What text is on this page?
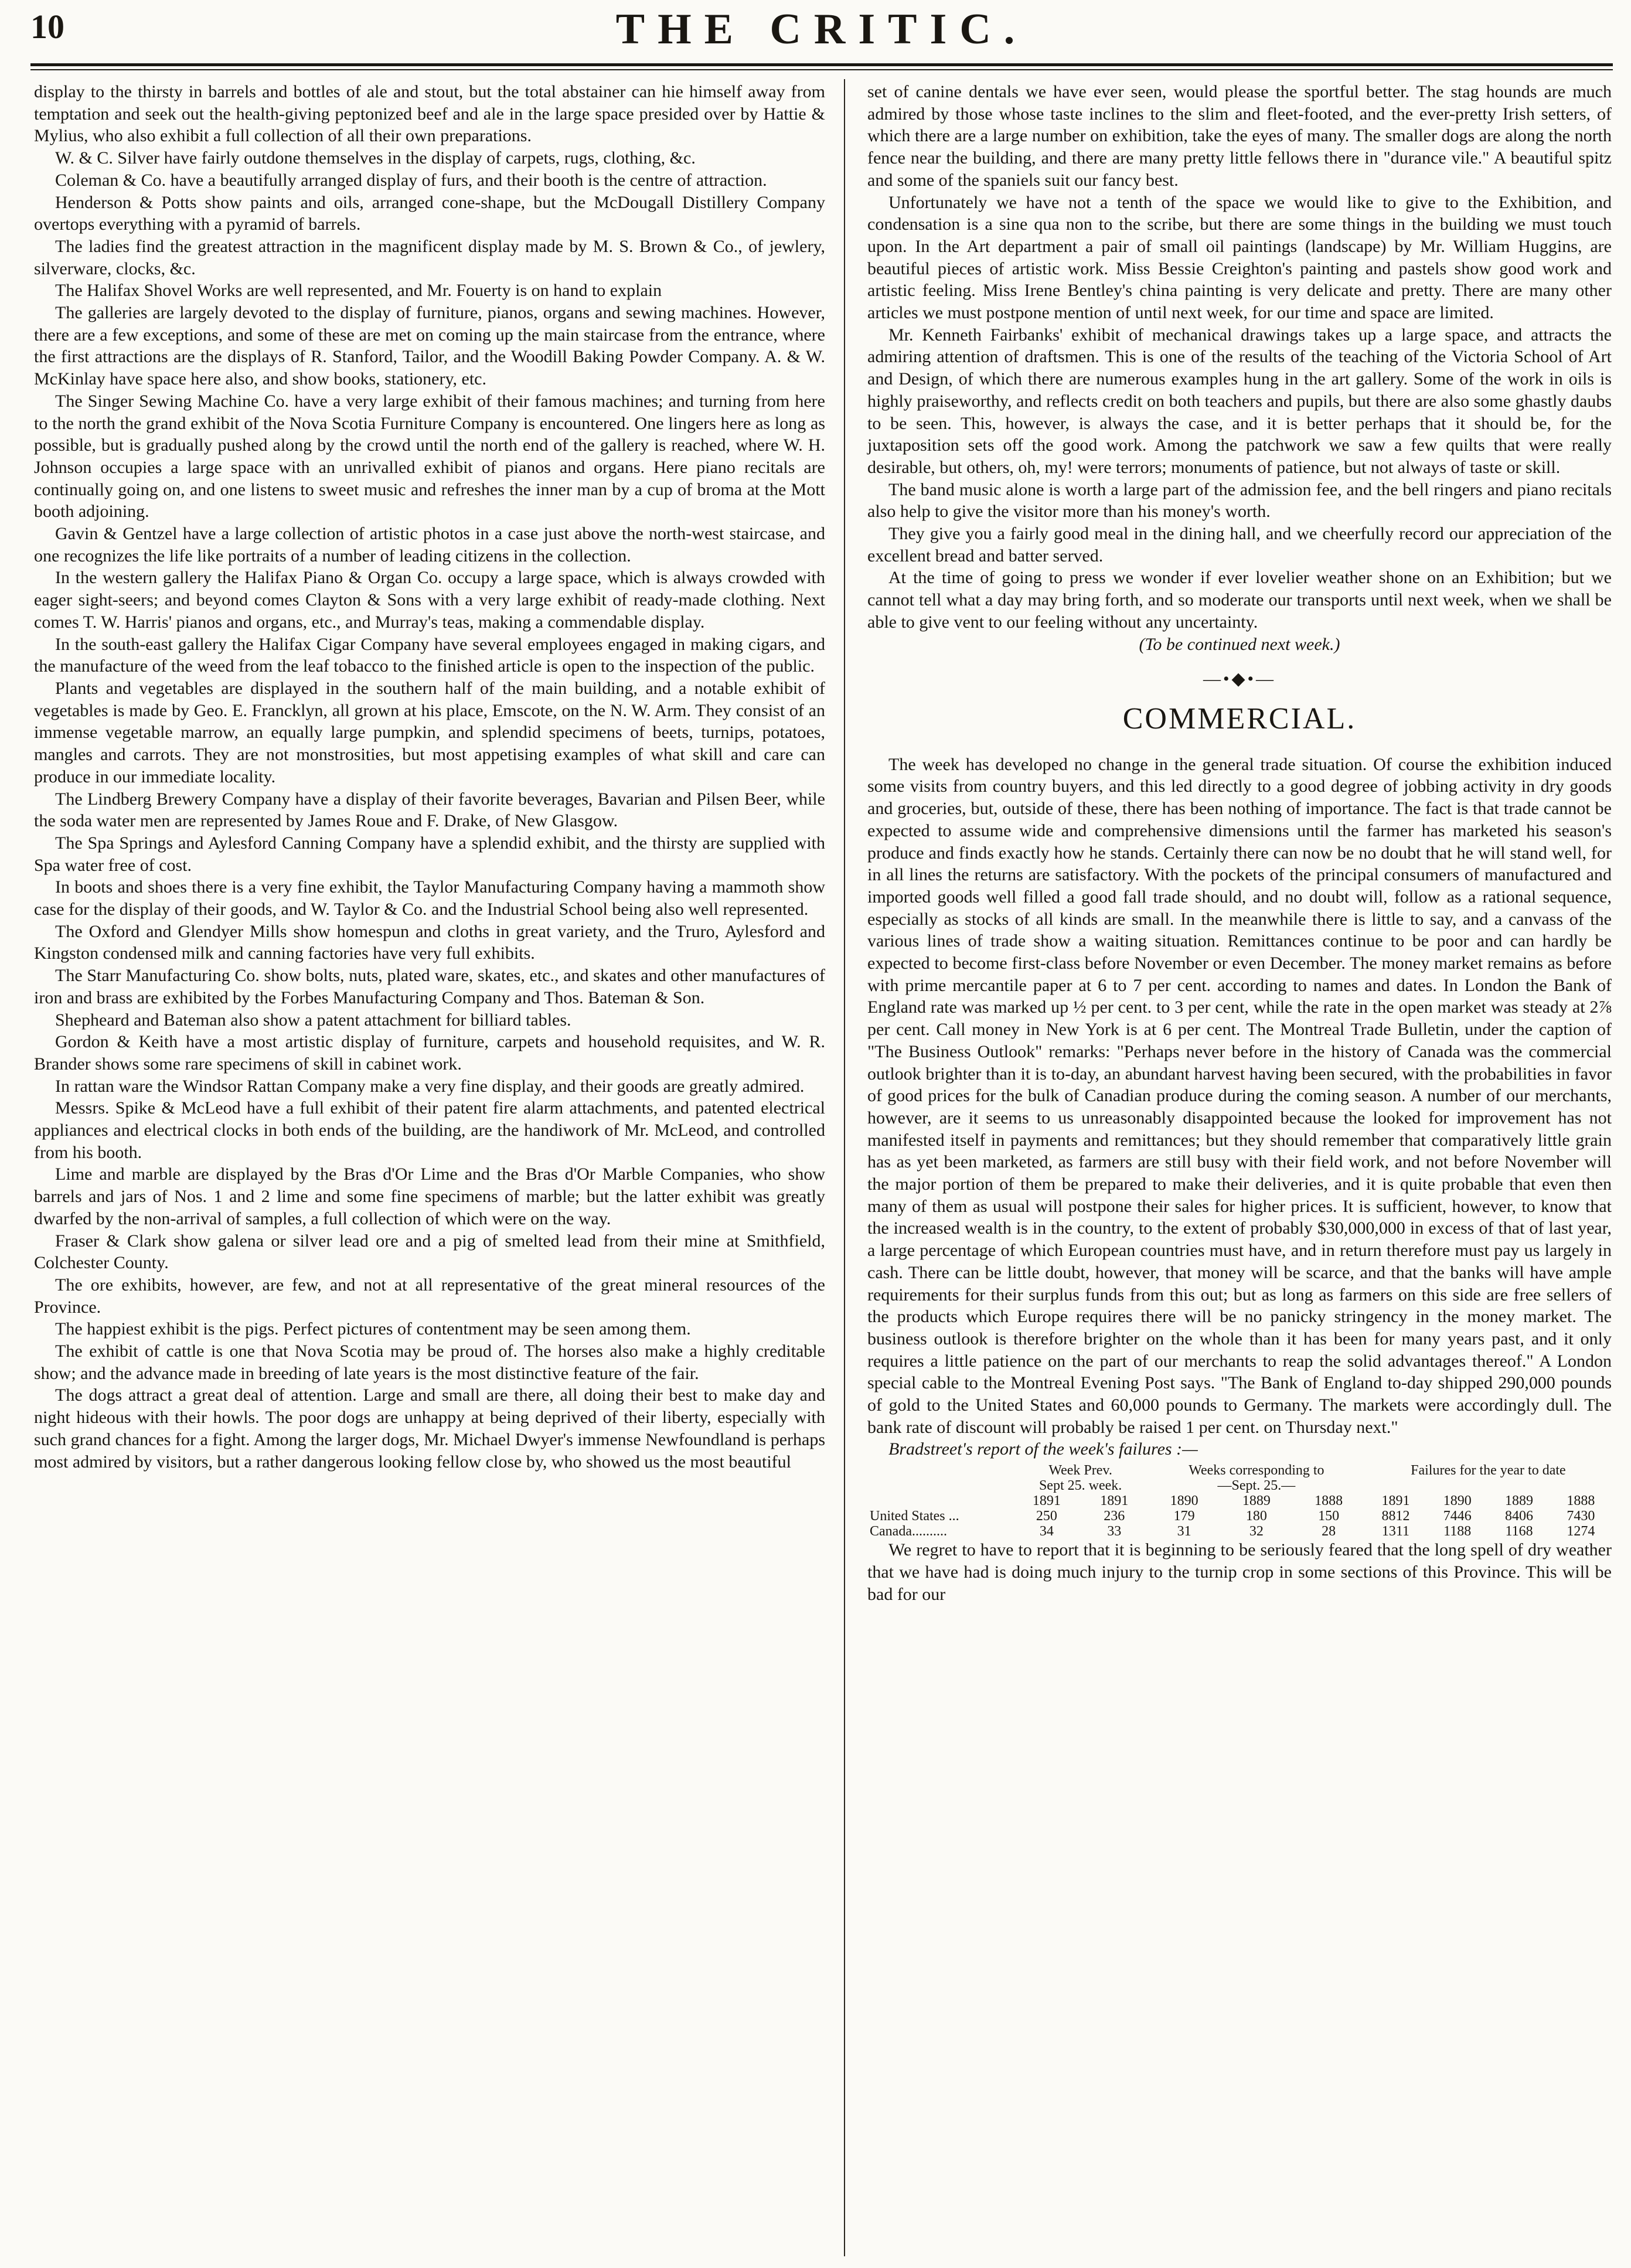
10	THE CRITIC.

display to the thirsty in barrels and bottles of ale and stout, but the total abstainer can hie himself away from temptation and seek out the health-giving peptonized beef and ale in the large space presided over by Hattie & Mylius, who also exhibit a full collection of all their own preparations.

W. & C. Silver have fairly outdone themselves in the display of carpets, rugs, clothing, &c.

Coleman & Co. have a beautifully arranged display of furs, and their booth is the centre of attraction.

Henderson & Potts show paints and oils, arranged cone-shape, but the McDougall Distillery Company overtops everything with a pyramid of barrels.

The ladies find the greatest attraction in the magnificent display made by M. S. Brown & Co., of jewlery, silverware, clocks, &c.

The Halifax Shovel Works are well represented, and Mr. Fouerty is on hand to explain

The galleries are largely devoted to the display of furniture, pianos, organs and sewing machines. However, there are a few exceptions, and some of these are met on coming up the main staircase from the entrance, where the first attractions are the displays of R. Stanford, Tailor, and the Woodill Baking Powder Company. A. & W. McKinlay have space here also, and show books, stationery, etc.

The Singer Sewing Machine Co. have a very large exhibit of their famous machines; and turning from here to the north the grand exhibit of the Nova Scotia Furniture Company is encountered. One lingers here as long as possible, but is gradually pushed along by the crowd until the north end of the gallery is reached, where W. H. Johnson occupies a large space with an unrivalled exhibit of pianos and organs. Here piano recitals are continually going on, and one listens to sweet music and refreshes the inner man by a cup of broma at the Mott booth adjoining.

Gavin & Gentzel have a large collection of artistic photos in a case just above the north-west staircase, and one recognizes the life like portraits of a number of leading citizens in the collection.

In the western gallery the Halifax Piano & Organ Co. occupy a large space, which is always crowded with eager sight-seers; and beyond comes Clayton & Sons with a very large exhibit of ready-made clothing. Next comes T. W. Harris' pianos and organs, etc., and Murray's teas, making a commendable display.

In the south-east gallery the Halifax Cigar Company have several employees engaged in making cigars, and the manufacture of the weed from the leaf tobacco to the finished article is open to the inspection of the public.

Plants and vegetables are displayed in the southern half of the main building, and a notable exhibit of vegetables is made by Geo. E. Francklyn, all grown at his place, Emscote, on the N. W. Arm. They consist of an immense vegetable marrow, an equally large pumpkin, and splendid specimens of beets, turnips, potatoes, mangles and carrots. They are not monstrosities, but most appetising examples of what skill and care can produce in our immediate locality.

The Lindberg Brewery Company have a display of their favorite beverages, Bavarian and Pilsen Beer, while the soda water men are represented by James Roue and F. Drake, of New Glasgow.

The Spa Springs and Aylesford Canning Company have a splendid exhibit, and the thirsty are supplied with Spa water free of cost.

In boots and shoes there is a very fine exhibit, the Taylor Manufacturing Company having a mammoth show case for the display of their goods, and W. Taylor & Co. and the Industrial School being also well represented.

The Oxford and Glendyer Mills show homespun and cloths in great variety, and the Truro, Aylesford and Kingston condensed milk and canning factories have very full exhibits.

The Starr Manufacturing Co. show bolts, nuts, plated ware, skates, etc., and skates and other manufactures of iron and brass are exhibited by the Forbes Manufacturing Company and Thos. Bateman & Son.

Shepheard and Bateman also show a patent attachment for billiard tables.

Gordon & Keith have a most artistic display of furniture, carpets and household requisites, and W. R. Brander shows some rare specimens of skill in cabinet work.

In rattan ware the Windsor Rattan Company make a very fine display, and their goods are greatly admired.

Messrs. Spike & McLeod have a full exhibit of their patent fire alarm attachments, and patented electrical appliances and electrical clocks in both ends of the building, are the handiwork of Mr. McLeod, and controlled from his booth.

Lime and marble are displayed by the Bras d'Or Lime and the Bras d'Or Marble Companies, who show barrels and jars of Nos. 1 and 2 lime and some fine specimens of marble; but the latter exhibit was greatly dwarfed by the non-arrival of samples, a full collection of which were on the way.

Fraser & Clark show galena or silver lead ore and a pig of smelted lead from their mine at Smithfield, Colchester County.

The ore exhibits, however, are few, and not at all representative of the great mineral resources of the Province.

The happiest exhibit is the pigs. Perfect pictures of contentment may be seen among them.

The exhibit of cattle is one that Nova Scotia may be proud of. The horses also make a highly creditable show; and the advance made in breeding of late years is the most distinctive feature of the fair.

The dogs attract a great deal of attention. Large and small are there, all doing their best to make day and night hideous with their howls. The poor dogs are unhappy at being deprived of their liberty, especially with such grand chances for a fight. Among the larger dogs, Mr. Michael Dwyer's immense Newfoundland is perhaps most admired by visitors, but a rather dangerous looking fellow close by, who showed us the most beautiful

set of canine dentals we have ever seen, would please the sportful better. The stag hounds are much admired by those whose taste inclines to the slim and fleet-footed, and the ever-pretty Irish setters, of which there are a large number on exhibition, take the eyes of many. The smaller dogs are along the north fence near the building, and there are many pretty little fellows there in "durance vile." A beautiful spitz and some of the spaniels suit our fancy best.

Unfortunately we have not a tenth of the space we would like to give to the Exhibition, and condensation is a sine qua non to the scribe, but there are some things in the building we must touch upon. In the Art department a pair of small oil paintings (landscape) by Mr. William Huggins, are beautiful pieces of artistic work. Miss Bessie Creighton's painting and pastels show good work and artistic feeling. Miss Irene Bentley's china painting is very delicate and pretty. There are many other articles we must postpone mention of until next week, for our time and space are limited.

Mr. Kenneth Fairbanks' exhibit of mechanical drawings takes up a large space, and attracts the admiring attention of draftsmen. This is one of the results of the teaching of the Victoria School of Art and Design, of which there are numerous examples hung in the art gallery. Some of the work in oils is highly praiseworthy, and reflects credit on both teachers and pupils, but there are also some ghastly daubs to be seen. This, however, is always the case, and it is better perhaps that it should be, for the juxtaposition sets off the good work. Among the patchwork we saw a few quilts that were really desirable, but others, oh, my! were terrors; monuments of patience, but not always of taste or skill.

The band music alone is worth a large part of the admission fee, and the bell ringers and piano recitals also help to give the visitor more than his money's worth.

They give you a fairly good meal in the dining hall, and we cheerfully record our appreciation of the excellent bread and batter served.

At the time of going to press we wonder if ever lovelier weather shone on an Exhibition; but we cannot tell what a day may bring forth, and so moderate our transports until next week, when we shall be able to give vent to our feeling without any uncertainty.

(To be continued next week.)

—•◆•—
COMMERCIAL.

The week has developed no change in the general trade situation. Of course the exhibition induced some visits from country buyers, and this led directly to a good degree of jobbing activity in dry goods and groceries, but, outside of these, there has been nothing of importance. The fact is that trade cannot be expected to assume wide and comprehensive dimensions until the farmer has marketed his season's produce and finds exactly how he stands. Certainly there can now be no doubt that he will stand well, for in all lines the returns are satisfactory. With the pockets of the principal consumers of manufactured and imported goods well filled a good fall trade should, and no doubt will, follow as a rational sequence, especially as stocks of all kinds are small. In the meanwhile there is little to say, and a canvass of the various lines of trade show a waiting situation. Remittances continue to be poor and can hardly be expected to become first-class before November or even December. The money market remains as before with prime mercantile paper at 6 to 7 per cent. according to names and dates. In London the Bank of England rate was marked up ½ per cent. to 3 per cent, while the rate in the open market was steady at 2⅞ per cent. Call money in New York is at 6 per cent. The Montreal Trade Bulletin, under the caption of "The Business Outlook" remarks: "Perhaps never before in the history of Canada was the commercial outlook brighter than it is to-day, an abundant harvest having been secured, with the probabilities in favor of good prices for the bulk of Canadian produce during the coming season. A number of our merchants, however, are it seems to us unreasonably disappointed because the looked for improvement has not manifested itself in payments and remittances; but they should remember that comparatively little grain has as yet been marketed, as farmers are still busy with their field work, and not before November will the major portion of them be prepared to make their deliveries, and it is quite probable that even then many of them as usual will postpone their sales for higher prices. It is sufficient, however, to know that the increased wealth is in the country, to the extent of probably $30,000,000 in excess of that of last year, a large percentage of which European countries must have, and in return therefore must pay us largely in cash. There can be little doubt, however, that money will be scarce, and that the banks will have ample requirements for their surplus funds from this out; but as long as farmers on this side are free sellers of the products which Europe requires there will be no panicky stringency in the money market. The business outlook is therefore brighter on the whole than it has been for many years past, and it only requires a little patience on the part of our merchants to reap the solid advantages thereof." A London special cable to the Montreal Evening Post says. "The Bank of England to-day shipped 290,000 pounds of gold to the United States and 60,000 pounds to Germany. The markets were accordingly dull. The bank rate of discount will probably be raised 1 per cent. on Thursday next."

Bradstreet's report of the week's failures :—

	Week Prev.		Weeks corresponding to			Failures for the year to date			
	Sept 25. week.		—Sept. 25.—						
	1891	1891	1890	1889	1888	1891	1890	1889	1888
United States ...	250	236	179	180	150	8812	7446	8406	7430
Canada..........	34	33	31	32	28	1311	1188	1168	1274

We regret to have to report that it is beginning to be seriously feared that the long spell of dry weather that we have had is doing much injury to the turnip crop in some sections of this Province. This will be bad for our
